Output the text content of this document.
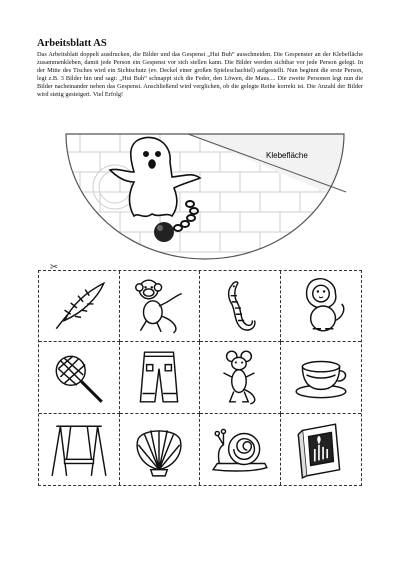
Arbeitsblatt AS

Das Arbeitsblatt doppelt ausdrucken, die Bilder und das Gespenst „Hui Buh“ ausschneiden. Die Gespenster an der Klebefläche zusammenkleben, damit jede Person ein Gespenst vor sich stellen kann. Die Bilder werden sichtbar vor jede Person gelegt. In der Mitte des Tisches wird ein Sichtschutz (ev. Deckel einer großen Spieleschachtel) aufgestellt. Nun beginnt die erste Person, legt z.B. 3 Bilder hin und sagt: „Hui Buh“ schnappt sich die Feder, den Löwen, die Maus.... Die zweite Personen legt nun die Bilder nacheinander neben das Gespenst. Anschließend wird verglichen, ob die gelegte Reihe korrekt ist. Die Anzahl der Bilder wird stetig gesteigert. Viel Erfolg!

Klebefläche
✂
